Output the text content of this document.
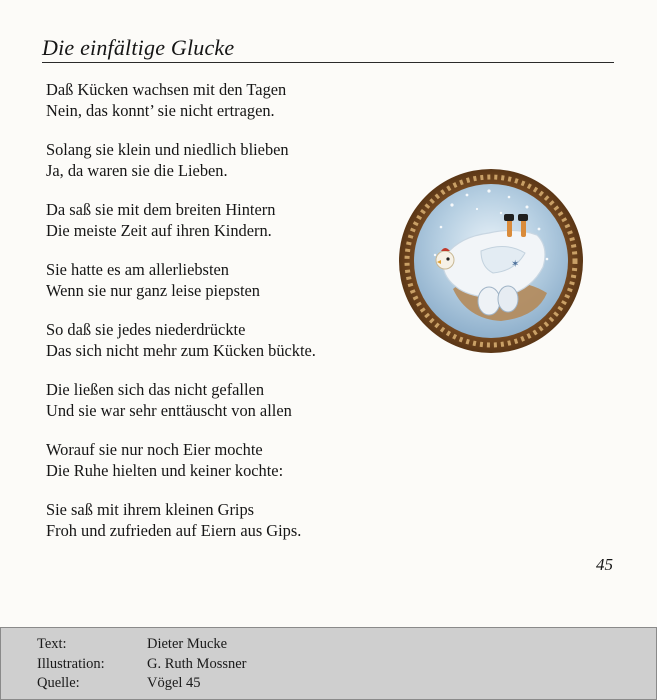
Die einfältige Glucke
Daß Kücken wachsen mit den Tagen
Nein, das konnt’ sie nicht ertragen.
Solang sie klein und niedlich blieben
Ja, da waren sie die Lieben.
Da saß sie mit dem breiten Hintern
Die meiste Zeit auf ihren Kindern.
Sie hatte es am allerliebsten
Wenn sie nur ganz leise piepsten
So daß sie jedes niederdrückte
Das sich nicht mehr zum Kücken bückte.
Die ließen sich das nicht gefallen
Und sie war sehr enttäuscht von allen
Worauf sie nur noch Eier mochte
Die Ruhe hielten und keiner kochte:
Sie saß mit ihrem kleinen Grips
Froh und zufrieden auf Eiern aus Gips.
✶
45
Text:	Dieter Mucke
Illustration:	G. Ruth Mossner
Quelle:	Vögel 45
